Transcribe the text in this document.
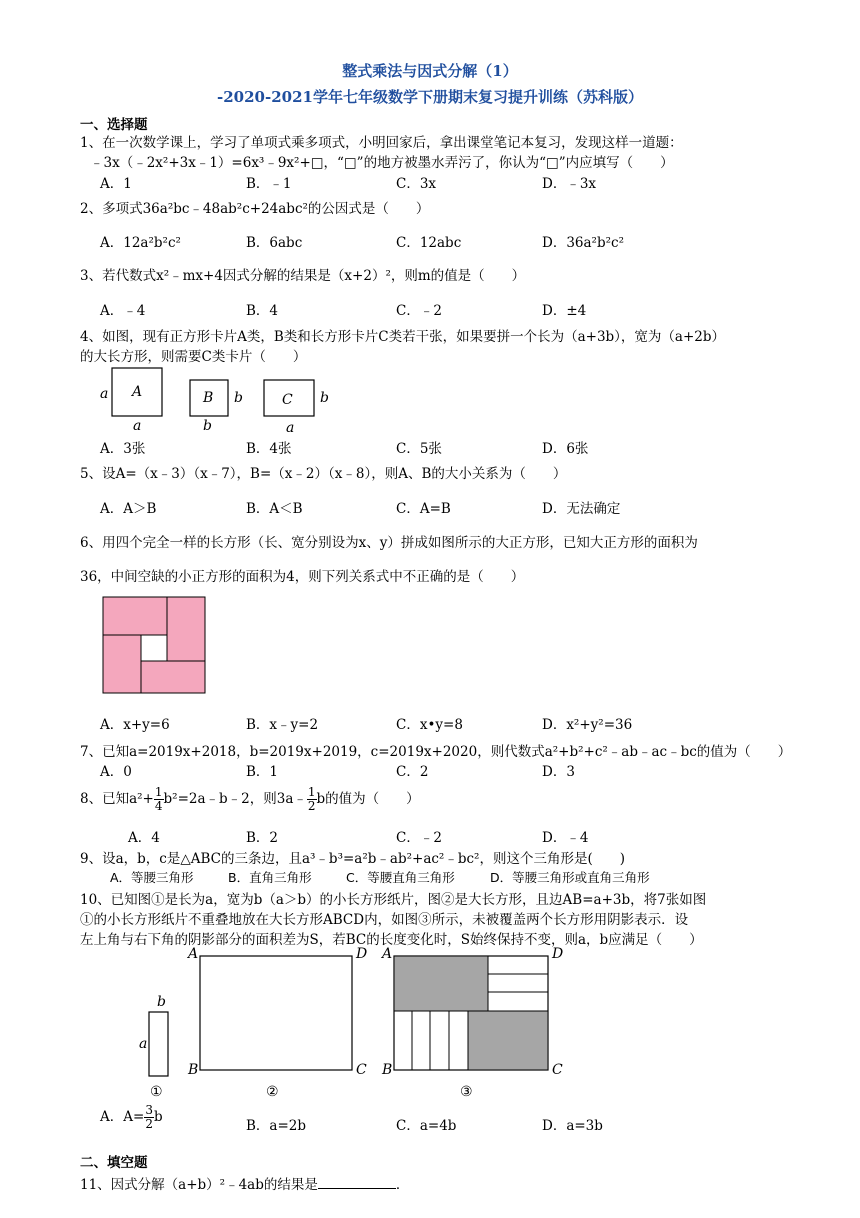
整式乘法与因式分解（1）
-2020-2021学年七年级数学下册期末复习提升训练（苏科版）
一、选择题
1、在一次数学课上，学习了单项式乘多项式，小明回家后，拿出课堂笔记本复习，发现这样一道题：
﹣3x（﹣2x²+3x﹣1）=6x³﹣9x²+□，“□”的地方被墨水弄污了，你认为“□”内应填写（　　）
A．1	B．﹣1	C．3x	D．﹣3x
2、多项式36a²bc﹣48ab²c+24abc²的公因式是（　　）
A．12a²b²c²	B．6abc	C．12abc	D．36a²b²c²
3、若代数式x²﹣mx+4因式分解的结果是（x+2）²，则m的值是（　　）
A．﹣4	B．4	C．﹣2	D．±4
4、如图，现有正方形卡片A类，B类和长方形卡片C类若干张，如果要拼一个长为（a+3b），宽为（a+2b）
的大长方形，则需要C类卡片（　　）
a A
a
B b
b
C b
a
A．3张	B．4张	C．5张	D．6张
5、设A=（x﹣3）（x﹣7），B=（x﹣2）（x﹣8），则A、B的大小关系为（　　）
A．A＞B	B．A＜B	C．A=B	D．无法确定
6、用四个完全一样的长方形（长、宽分别设为x、y）拼成如图所示的大正方形，已知大正方形的面积为
36，中间空缺的小正方形的面积为4，则下列关系式中不正确的是（　　）
A．x+y=6	B．x﹣y=2	C．x•y=8	D．x²+y²=36
7、已知a=2019x+2018，b=2019x+2019，c=2019x+2020，则代数式a²+b²+c²﹣ab﹣ac﹣bc的值为（　　）
A．0	B．1	C．2	D．3
8、已知$a^2+ \frac{1}{4}$ b²=2a﹣b﹣2，则3a﹣ $\frac{1}{2}$ b的值为（　　）
A．4	B．2	C．﹣2	D．﹣4
9、设a，b，c是△ABC的三条边，且a³﹣b³=a²b﹣ab²+ac²﹣bc²，则这个三角形是(　　)
A．等腰三角形	B．直角三角形	C．等腰直角三角形	D．等腰三角形或直角三角形
10、已知图①是长为a，宽为b（a＞b）的小长方形纸片，图②是大长方形，且边AB=a+3b，将7张如图
①的小长方形纸片不重叠地放在大长方形ABCD内，如图③所示，未被覆盖两个长方形用阴影表示．设
左上角与右下角的阴影部分的面积差为S，若BC的长度变化时，S始终保持不变，则a，b应满足（　　）
b
a
①
A	D
B	C
②
A	D
B	C
③
A．$A= \frac{3}{2}$ b
B．a=2b	C．a=4b	D．a=3b
二、填空题
11、因式分解（a+b）²﹣4ab的结果是	．
